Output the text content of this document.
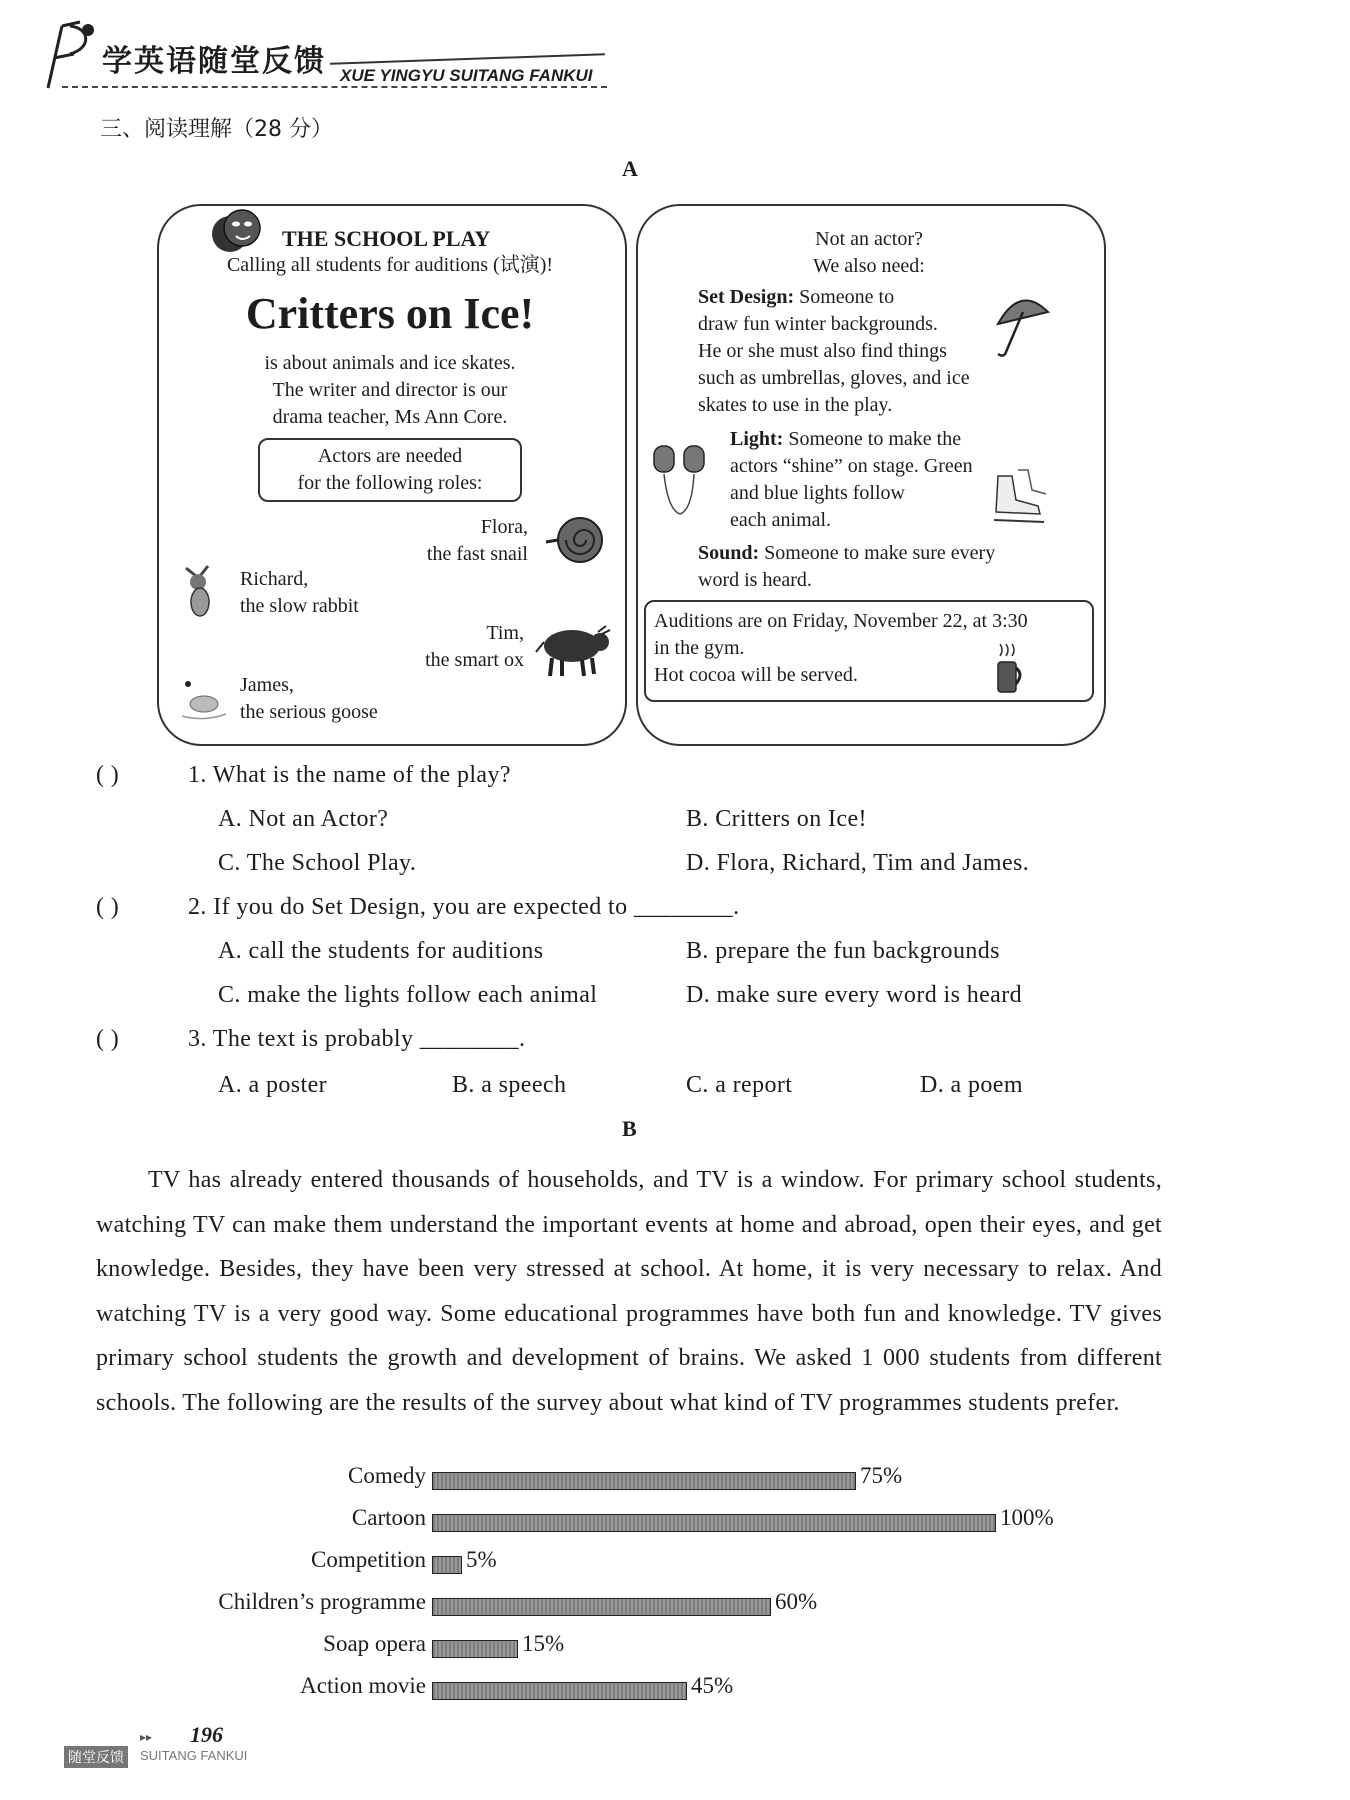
学英语随堂反馈 XUE YINGYU SUITANG FANKUI
三、阅读理解（28 分）
A
THE SCHOOL PLAY
Calling all students for auditions (试演)!
Critters on Ice!
is about animals and ice skates.
The writer and director is our
drama teacher, Ms Ann Core.
Actors are needed
for the following roles:
Flora,
the fast snail
Richard,
the slow rabbit
Tim,
the smart ox
James,
the serious goose
Not an actor?
We also need:
Set Design: Someone to
draw fun winter backgrounds.
He or she must also find things
such as umbrellas, gloves, and ice
skates to use in the play.
Light: Someone to make the
actors “shine” on stage. Green
and blue lights follow
each animal.
Sound: Someone to make sure every
word is heard.
Auditions are on Friday, November 22, at 3:30
in the gym.
Hot cocoa will be served.
( )	1. What is the name of the play?
A. Not an Actor?	B. Critters on Ice!
C. The School Play.	D. Flora, Richard, Tim and James.
( )	2. If you do Set Design, you are expected to ________.
A. call the students for auditions	B. prepare the fun backgrounds
C. make the lights follow each animal	D. make sure every word is heard
( )	3. The text is probably ________.
A. a poster	B. a speech	C. a report	D. a poem
B
TV has already entered thousands of households, and TV is a window. For primary school students, watching TV can make them understand the important events at home and abroad, open their eyes, and get knowledge. Besides, they have been very stressed at school. At home, it is very necessary to relax. And watching TV is a very good way. Some educational programmes have both fun and knowledge. TV gives primary school students the growth and development of brains. We asked 1 000 students from different schools. The following are the results of the survey about what kind of TV programmes students prefer.
Comedy	75%
Cartoon	100%
Competition 5%
Children’s programme	60%
Soap opera	15%
Action movie	45%
▸▸ 196
随堂反馈	SUITANG FANKUI
